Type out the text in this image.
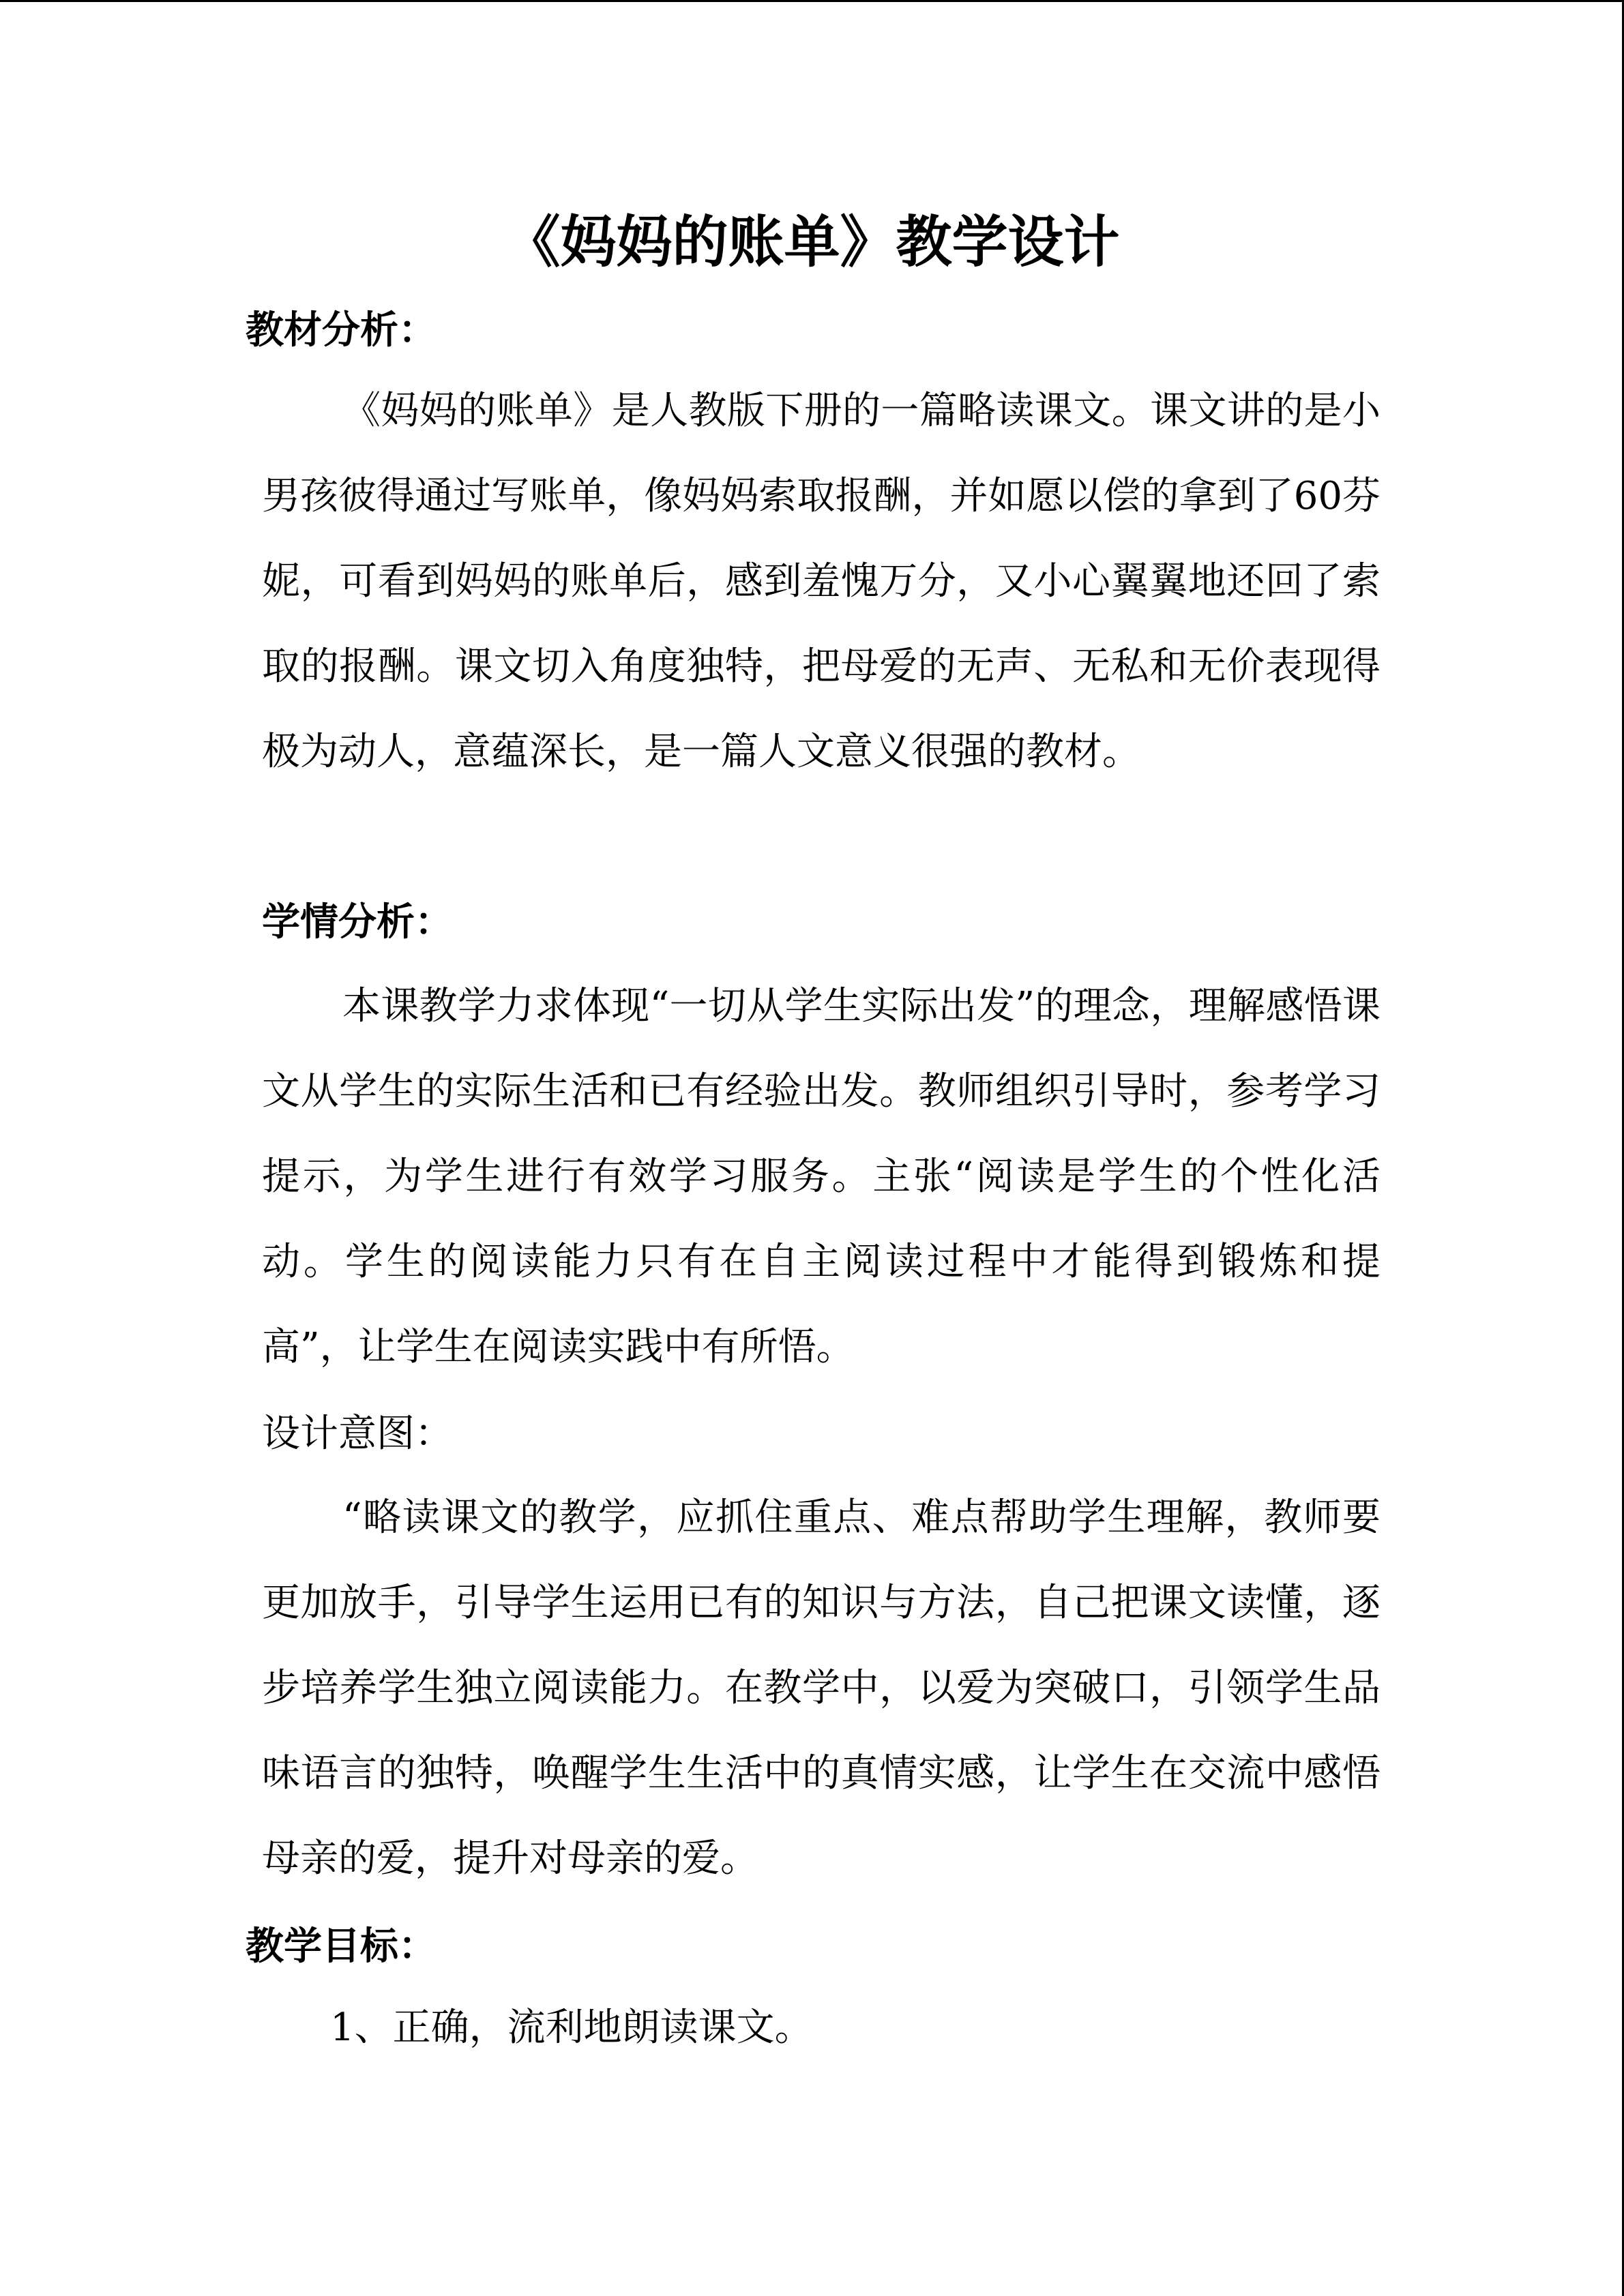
《妈妈的账单》教学设计
教材分析：

《妈妈的账单》是人教版下册的一篇略读课文。课文讲的是小男孩彼得通过写账单，像妈妈索取报酬，并如愿以偿的拿到了60芬妮，可看到妈妈的账单后，感到羞愧万分，又小心翼翼地还回了索取的报酬。课文切入角度独特，把母爱的无声、无私和无价表现得极为动人，意蕴深长，是一篇人文意义很强的教材。

学情分析：

本课教学力求体现“一切从学生实际出发”的理念，理解感悟课文从学生的实际生活和已有经验出发。教师组织引导时，参考学习提示，为学生进行有效学习服务。主张“阅读是学生的个性化活动。学生的阅读能力只有在自主阅读过程中才能得到锻炼和提高”，让学生在阅读实践中有所悟。

设计意图：

“略读课文的教学，应抓住重点、难点帮助学生理解，教师要更加放手，引导学生运用已有的知识与方法，自己把课文读懂，逐步培养学生独立阅读能力。在教学中，以爱为突破口，引领学生品味语言的独特，唤醒学生生活中的真情实感，让学生在交流中感悟母亲的爱，提升对母亲的爱。

教学目标：

1、正确，流利地朗读课文。
